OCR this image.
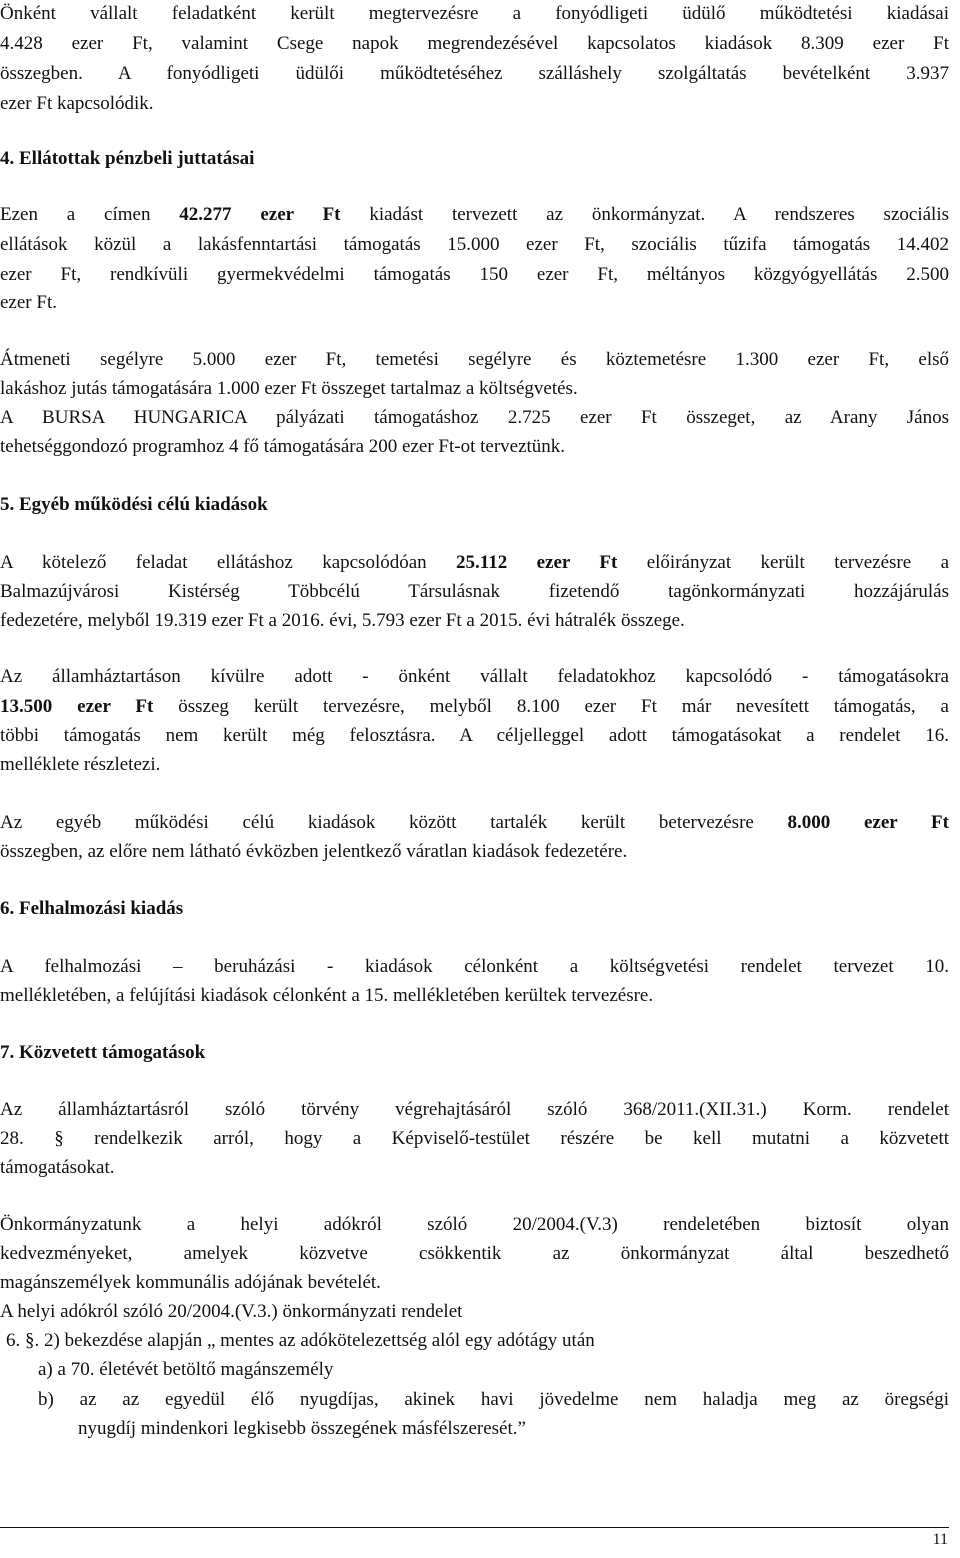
Önként vállalt feladatként került megtervezésre a fonyódligeti üdülő működtetési kiadásai
4.428 ezer Ft, valamint Csege napok megrendezésével kapcsolatos kiadások 8.309 ezer Ft
összegben. A fonyódligeti üdülői működtetéséhez szálláshely szolgáltatás bevételként 3.937
ezer Ft kapcsolódik.
4. Ellátottak pénzbeli juttatásai
Ezen a címen 42.277 ezer Ft kiadást tervezett az önkormányzat. A rendszeres szociális
ellátások közül a lakásfenntartási támogatás 15.000 ezer Ft, szociális tűzifa támogatás 14.402
ezer Ft, rendkívüli gyermekvédelmi támogatás 150 ezer Ft, méltányos közgyógyellátás 2.500
ezer Ft.
Átmeneti segélyre 5.000 ezer Ft, temetési segélyre és köztemetésre 1.300 ezer Ft, első
lakáshoz jutás támogatására 1.000 ezer Ft összeget tartalmaz a költségvetés.
A BURSA HUNGARICA pályázati támogatáshoz 2.725 ezer Ft összeget, az Arany János
tehetséggondozó programhoz 4 fő támogatására 200 ezer Ft-ot terveztünk.
5. Egyéb működési célú kiadások
A kötelező feladat ellátáshoz kapcsolódóan 25.112 ezer Ft előirányzat került tervezésre a
Balmazújvárosi Kistérség Többcélú Társulásnak fizetendő tagönkormányzati hozzájárulás
fedezetére, melyből 19.319 ezer Ft a 2016. évi, 5.793 ezer Ft a 2015. évi hátralék összege.
Az államháztartáson kívülre adott - önként vállalt feladatokhoz kapcsolódó - támogatásokra
13.500 ezer Ft összeg került tervezésre, melyből 8.100 ezer Ft már nevesített támogatás, a
többi támogatás nem került még felosztásra. A céljelleggel adott támogatásokat a rendelet 16.
melléklete részletezi.
Az egyéb működési célú kiadások között tartalék került betervezésre 8.000 ezer Ft
összegben, az előre nem látható évközben jelentkező váratlan kiadások fedezetére.
6. Felhalmozási kiadás
A felhalmozási – beruházási - kiadások célonként a költségvetési rendelet tervezet 10.
mellékletében, a felújítási kiadások célonként a 15. mellékletében kerültek tervezésre.
7. Közvetett támogatások
Az államháztartásról szóló törvény végrehajtásáról szóló 368/2011.(XII.31.) Korm. rendelet
28. § rendelkezik arról, hogy a Képviselő-testület részére be kell mutatni a közvetett
támogatásokat.
Önkormányzatunk a helyi adókról szóló 20/2004.(V.3) rendeletében biztosít olyan
kedvezményeket, amelyek közvetve csökkentik az önkormányzat által beszedhető
magánszemélyek kommunális adójának bevételét.
A helyi adókról szóló 20/2004.(V.3.) önkormányzati rendelet
6. §. 2) bekezdése alapján „ mentes az adókötelezettség alól egy adótágy után
a) a 70. életévét betöltő magánszemély
b) az az egyedül élő nyugdíjas, akinek havi jövedelme nem haladja meg az öregségi
nyugdíj mindenkori legkisebb összegének másfélszeresét.”
11
